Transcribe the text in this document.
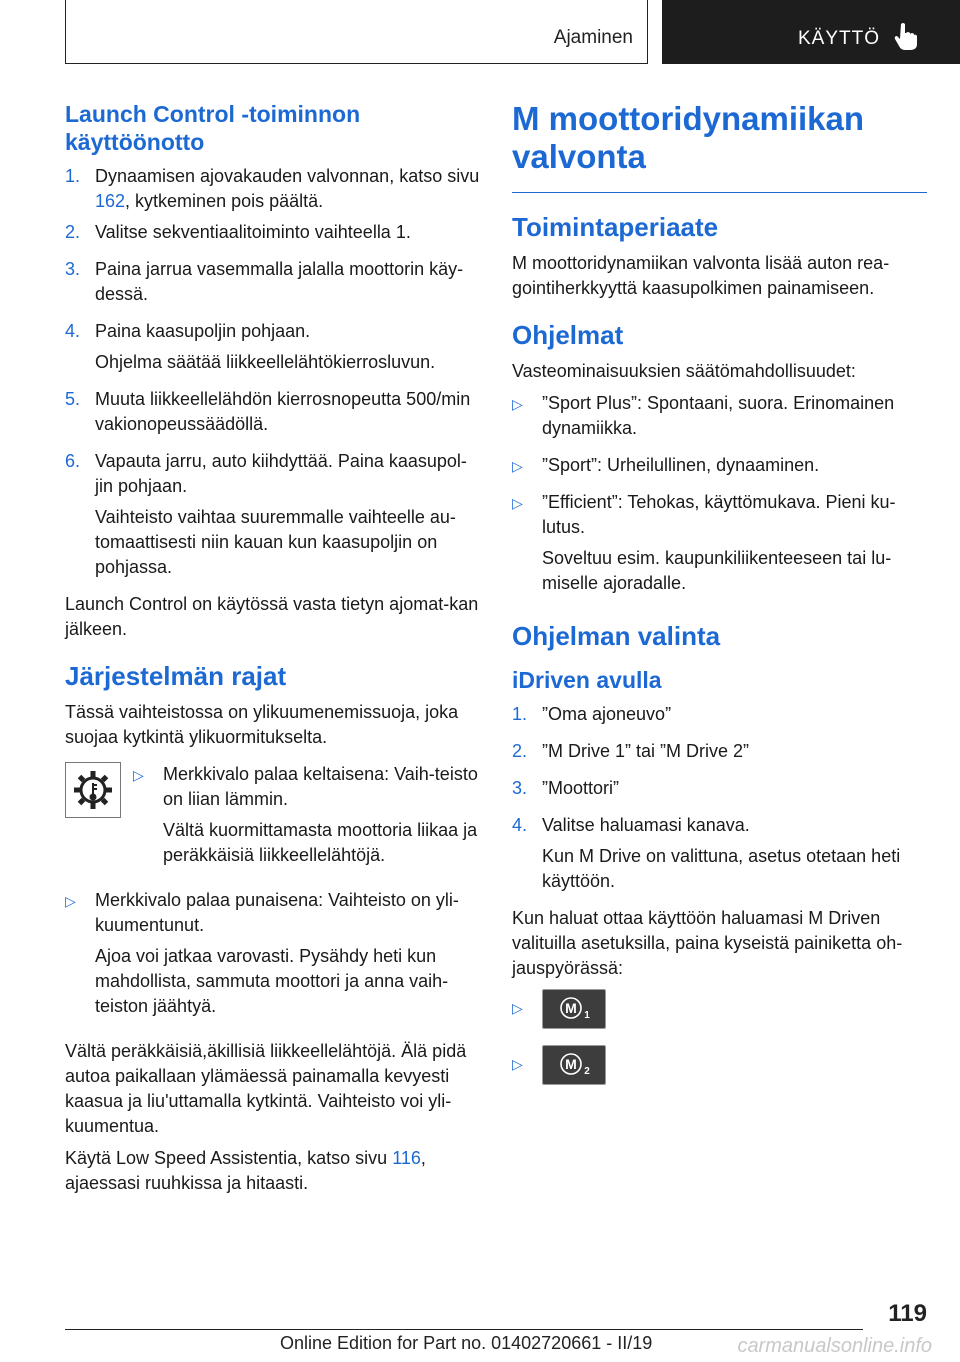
Ajaminen	KÄYTTÖ
Launch Control -toiminnon käyttöönotto
1. Dynaamisen ajovakauden valvonnan, katso sivu 162, kytkeminen pois päältä.
2. Valitse sekventiaalitoiminto vaihteella 1.

3. Paina jarrua vasemmalla jalalla moottorin käy-dessä.

4. Paina kaasupoljin pohjaan.

Ohjelma säätää liikkeellelähtökierrosluvun.

5. Muuta liikkeellelähdön kierrosnopeutta 500/min vakionopeussäädöllä.

6. Vapauta jarru, auto kiihdyttää. Paina kaasupol-jin pohjaan.

Vaihteisto vaihtaa suuremmalle vaihteelle au-tomaattisesti niin kauan kun kaasupoljin on pohjassa.

Launch Control on käytössä vasta tietyn ajomat-kan jälkeen.

Järjestelmän rajat

Tässä vaihteistossa on ylikuumenemissuoja, joka suojaa kytkintä ylikuormitukselta.

▷	Merkkivalo palaa keltaisena: Vaih-teisto on liian lämmin.

Vältä kuormittamasta moottoria liikaa ja peräkkäisiä liikkeellelähtöjä.

▷	Merkkivalo palaa punaisena: Vaihteisto on yli-kuumentunut.

Ajoa voi jatkaa varovasti. Pysähdy heti kun mahdollista, sammuta moottori ja anna vaih-teiston jäähtyä.

Vältä peräkkäisiä,äkillisiä liikkeellelähtöjä. Älä pidä autoa paikallaan ylämäessä painamalla kevyesti kaasua ja liu'uttamalla kytkintä. Vaihteisto voi yli-kuumentua.

Käytä Low Speed Assistentia, katso sivu 116, ajaessasi ruuhkissa ja hitaasti.

M moottoridynamiikan valvonta
Toimintaperiaate

M moottoridynamiikan valvonta lisää auton rea-gointiherkkyyttä kaasupolkimen painamiseen.

Ohjelmat

Vasteominaisuuksien säätömahdollisuudet:

▷	”Sport Plus”: Spontaani, suora. Erinomainen dynamiikka.

▷	”Sport”: Urheilullinen, dynaaminen.

▷	”Efficient”: Tehokas, käyttömukava. Pieni ku-lutus.

Soveltuu esim. kaupunkiliikenteeseen tai lu-miselle ajoradalle.

Ohjelman valinta
iDriven avulla
1. ”Oma ajoneuvo”

2. ”M Drive 1” tai ”M Drive 2”

3. ”Moottori”

4. Valitse haluamasi kanava.

Kun M Drive on valittuna, asetus otetaan heti käyttöön.

Kun haluat ottaa käyttöön haluamasi M Driven valituilla asetuksilla, paina kyseistä painiketta oh-jauspyörässä:

▷	M 1
▷	M 2
119
Online Edition for Part no. 01402720661 - II/19	carmanualsonline.info
